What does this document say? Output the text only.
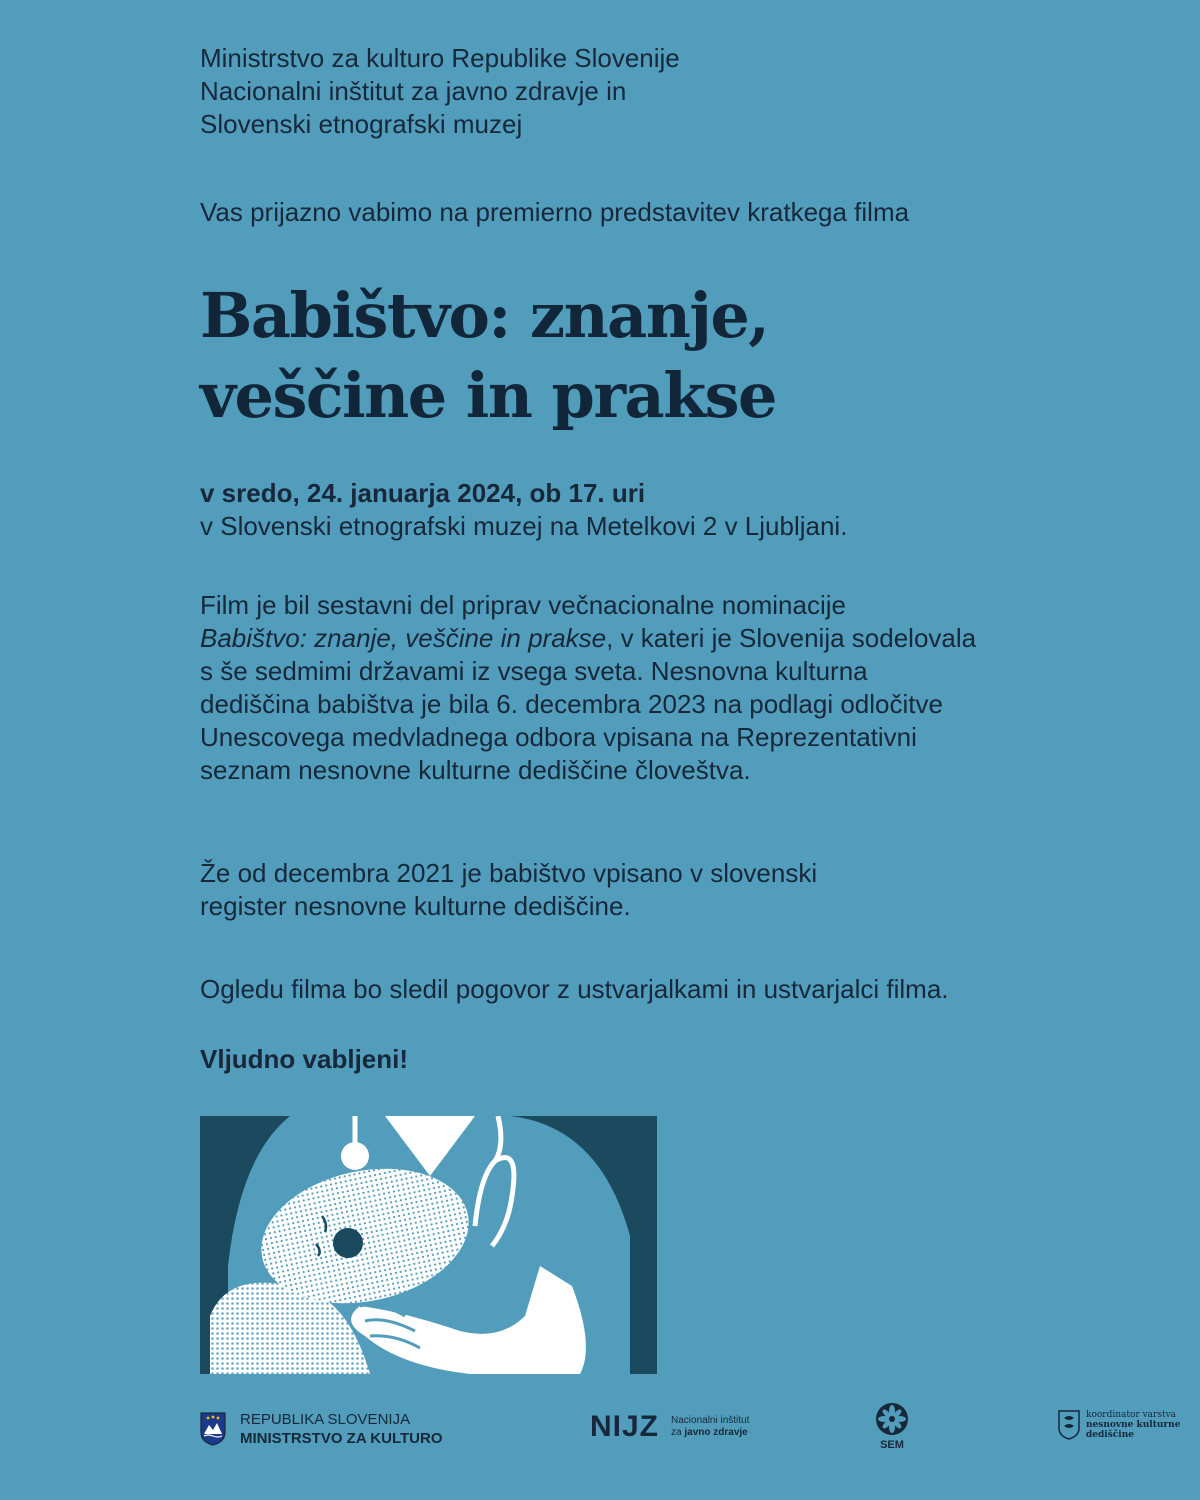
Ministrstvo za kulturo Republike Slovenije

Nacionalni inštitut za javno zdravje in

Slovenski etnografski muzej

Vas prijazno vabimo na premierno predstavitev kratkega filma

Babištvo: znanje,
veščine in prakse

v sredo, 24. januarja 2024, ob 17. uri

v Slovenski etnografski muzej na Metelkovi 2 v Ljubljani.

Film je bil sestavni del priprav večnacionalne nominacije

Babištvo: znanje, veščine in prakse, v kateri je Slovenija sodelovala

s še sedmimi državami iz vsega sveta. Nesnovna kulturna

dediščina babištva je bila 6. decembra 2023 na podlagi odločitve

Unescovega medvladnega odbora vpisana na Reprezentativni

seznam nesnovne kulturne dediščine človeštva.

Že od decembra 2021 je babištvo vpisano v slovenski

register nesnovne kulturne dediščine.

Ogledu filma bo sledil pogovor z ustvarjalkami in ustvarjalci filma.

Vljudno vabljeni!

REPUBLIKA SLOVENIJA
MINISTRSTVO ZA KULTURO	NIJZ Nacionalni inštitut
za javno zdravje
SEM
koordinator varstva
nesnovne kulturne
dediščine
